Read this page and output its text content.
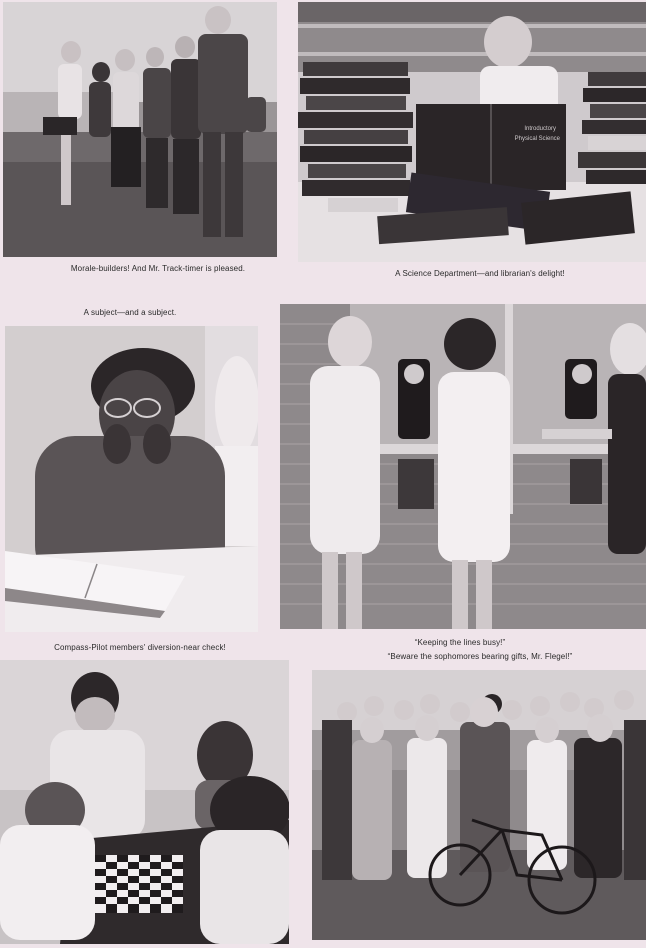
Morale-builders! And Mr. Track-timer is pleased.

Introductory
Physical Science

A Science Department—and librarian's delight!

A subject—and a subject.

Compass-Pilot members' diversion-near check!

“Keeping the lines busy!”

“Beware the sophomores bearing gifts, Mr. Flegel!”
